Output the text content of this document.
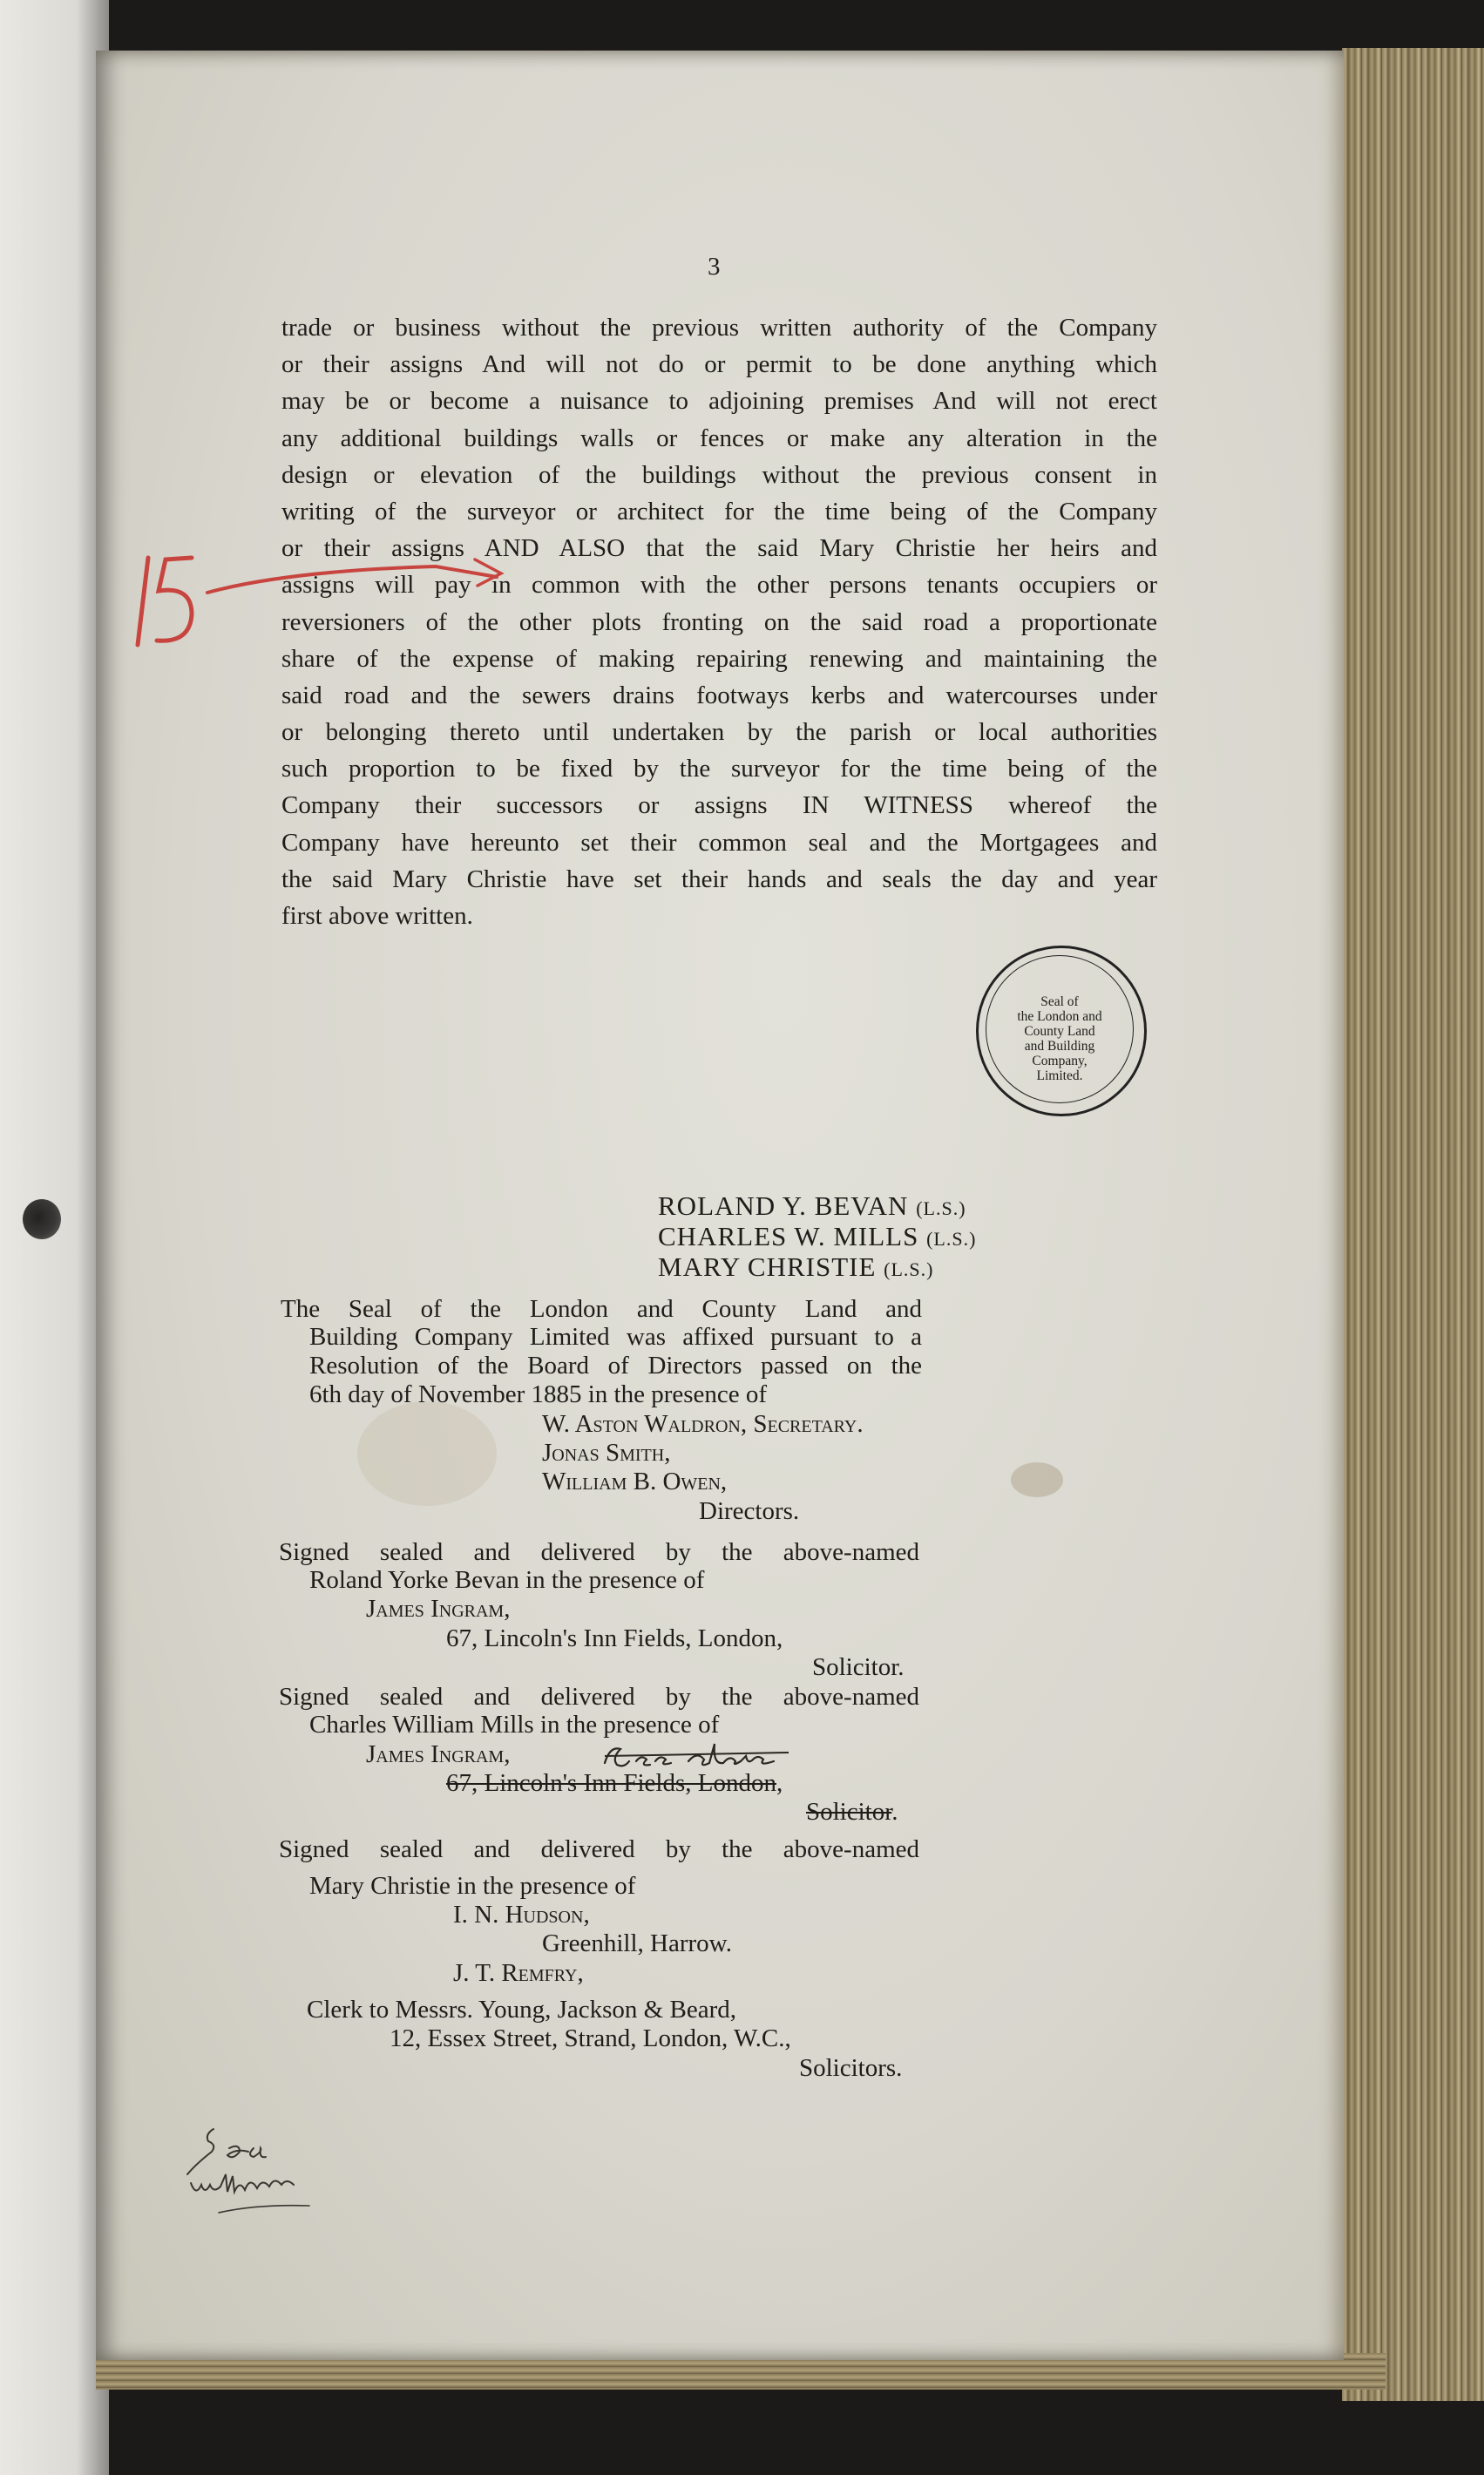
3
trade or business without the previous written authority of the Company
or their assigns And will not do or permit to be done anything which
may be or become a nuisance to adjoining premises And will not erect
any additional buildings walls or fences or make any alteration in the
design or elevation of the buildings without the previous consent in
writing of the surveyor or architect for the time being of the Company
or their assigns AND ALSO that the said Mary Christie her heirs and
assigns will pay in common with the other persons tenants occupiers or
reversioners of the other plots fronting on the said road a proportionate
share of the expense of making repairing renewing and maintaining the
said road and the sewers drains footways kerbs and watercourses under
or belonging thereto until undertaken by the parish or local authorities
such proportion to be fixed by the surveyor for the time being of the
Company their successors or assigns IN WITNESS whereof the
Company have hereunto set their common seal and the Mortgagees and
the said Mary Christie have set their hands and seals the day and year
first above written.
Seal of
the London and
County Land
and Building
Company,
Limited.
ROLAND Y. BEVAN (L.S.)
CHARLES W. MILLS (L.S.)
MARY CHRISTIE (L.S.)
The Seal of the London and County Land and
Building Company Limited was affixed pursuant to a
Resolution of the Board of Directors passed on the
6th day of November 1885 in the presence of
W. Aston Waldron, Secretary.
Jonas Smith,
William B. Owen,
Directors.
Signed sealed and delivered by the above-named
Roland Yorke Bevan in the presence of
James Ingram,
67, Lincoln's Inn Fields, London,
Solicitor.
Signed sealed and delivered by the above-named
Charles William Mills in the presence of
James Ingram,
67, Lincoln's Inn Fields, London,
Solicitor.
Signed sealed and delivered by the above-named
Mary Christie in the presence of
I. N. Hudson,
Greenhill, Harrow.
J. T. Remfry,
Clerk to Messrs. Young, Jackson & Beard,
12, Essex Street, Strand, London, W.C.,
Solicitors.
